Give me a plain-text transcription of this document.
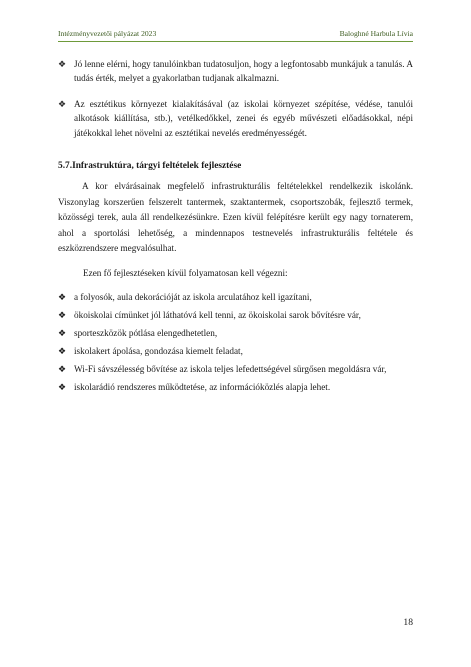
Intézményvezetői pályázat 2023	Baloghné Harbula Lívia
❖ Jó lenne elérni, hogy tanulóinkban tudatosuljon, hogy a legfontosabb munkájuk a tanulás. A tudás érték, melyet a gyakorlatban tudjanak alkalmazni.
❖ Az esztétikus környezet kialakításával (az iskolai környezet szépítése, védése, tanulói alkotások kiállítása, stb.), vetélkedőkkel, zenei és egyéb művészeti előadásokkal, népi játékokkal lehet növelni az esztétikai nevelés eredményességét.
5.7.Infrastruktúra, tárgyi feltételek fejlesztése
A kor elvárásainak megfelelő infrastrukturális feltételekkel rendelkezik iskolánk. Viszonylag korszerűen felszerelt tantermek, szaktantermek, csoportszobák, fejlesztő termek, közösségi terek, aula áll rendelkezésünkre. Ezen kívül felépítésre került egy nagy tornaterem, ahol a sportolási lehetőség, a mindennapos testnevelés infrastrukturális feltétele és eszközrendszere megvalósulhat.
Ezen fő fejlesztéseken kívül folyamatosan kell végezni:
❖ a folyosók, aula dekorációját az iskola arculatához kell igazítani,
❖ ökoiskolai címünket jól láthatóvá kell tenni, az ökoiskolai sarok bővítésre vár,
❖ sporteszközök pótlása elengedhetetlen,
❖ iskolakert ápolása, gondozása kiemelt feladat,
❖ Wi-Fi sávszélesség bővítése az iskola teljes lefedettségével sürgősen megoldásra vár,
❖ iskolarádió rendszeres működtetése, az információközlés alapja lehet.
18
